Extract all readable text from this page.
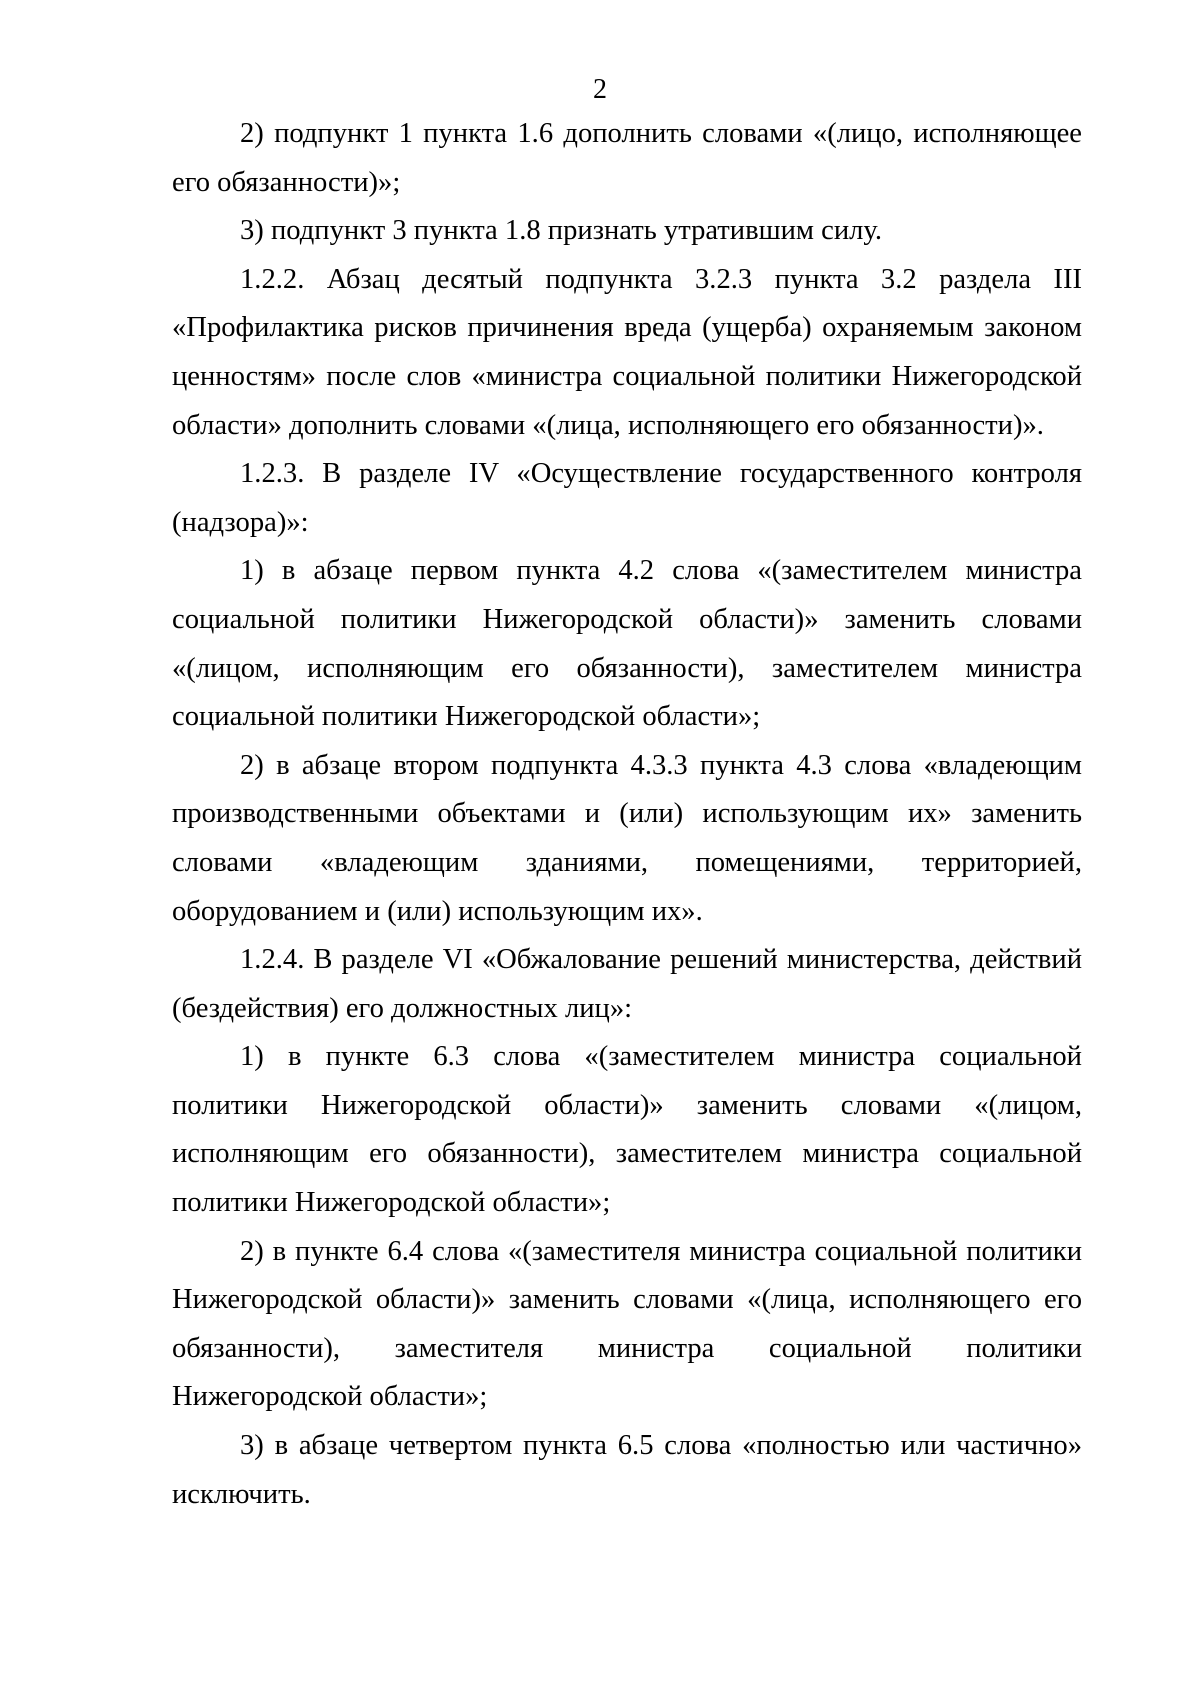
2

2) подпункт 1 пункта 1.6 дополнить словами «(лицо, исполняющее его обязанности)»;

3) подпункт 3 пункта 1.8 признать утратившим силу.

1.2.2. Абзац десятый подпункта 3.2.3 пункта 3.2 раздела III «Профилактика рисков причинения вреда (ущерба) охраняемым законом ценностям» после слов «министра социальной политики Нижегородской области» дополнить словами «(лица, исполняющего его обязанности)».

1.2.3. В разделе IV «Осуществление государственного контроля (надзора)»:

1) в абзаце первом пункта 4.2 слова «(заместителем министра социальной политики Нижегородской области)» заменить словами «(лицом, исполняющим его обязанности), заместителем министра социальной политики Нижегородской области»;

2) в абзаце втором подпункта 4.3.3 пункта 4.3 слова «владеющим производственными объектами и (или) использующим их» заменить словами «владеющим зданиями, помещениями, территорией, оборудованием и (или) использующим их».

1.2.4. В разделе VI «Обжалование решений министерства, действий (бездействия) его должностных лиц»:

1) в пункте 6.3 слова «(заместителем министра социальной политики Нижегородской области)» заменить словами «(лицом, исполняющим его обязанности), заместителем министра социальной политики Нижегородской области»;

2) в пункте 6.4 слова «(заместителя министра социальной политики Нижегородской области)» заменить словами «(лица, исполняющего его обязанности), заместителя министра социальной политики Нижегородской области»;

3) в абзаце четвертом пункта 6.5 слова «полностью или частично» исключить.
